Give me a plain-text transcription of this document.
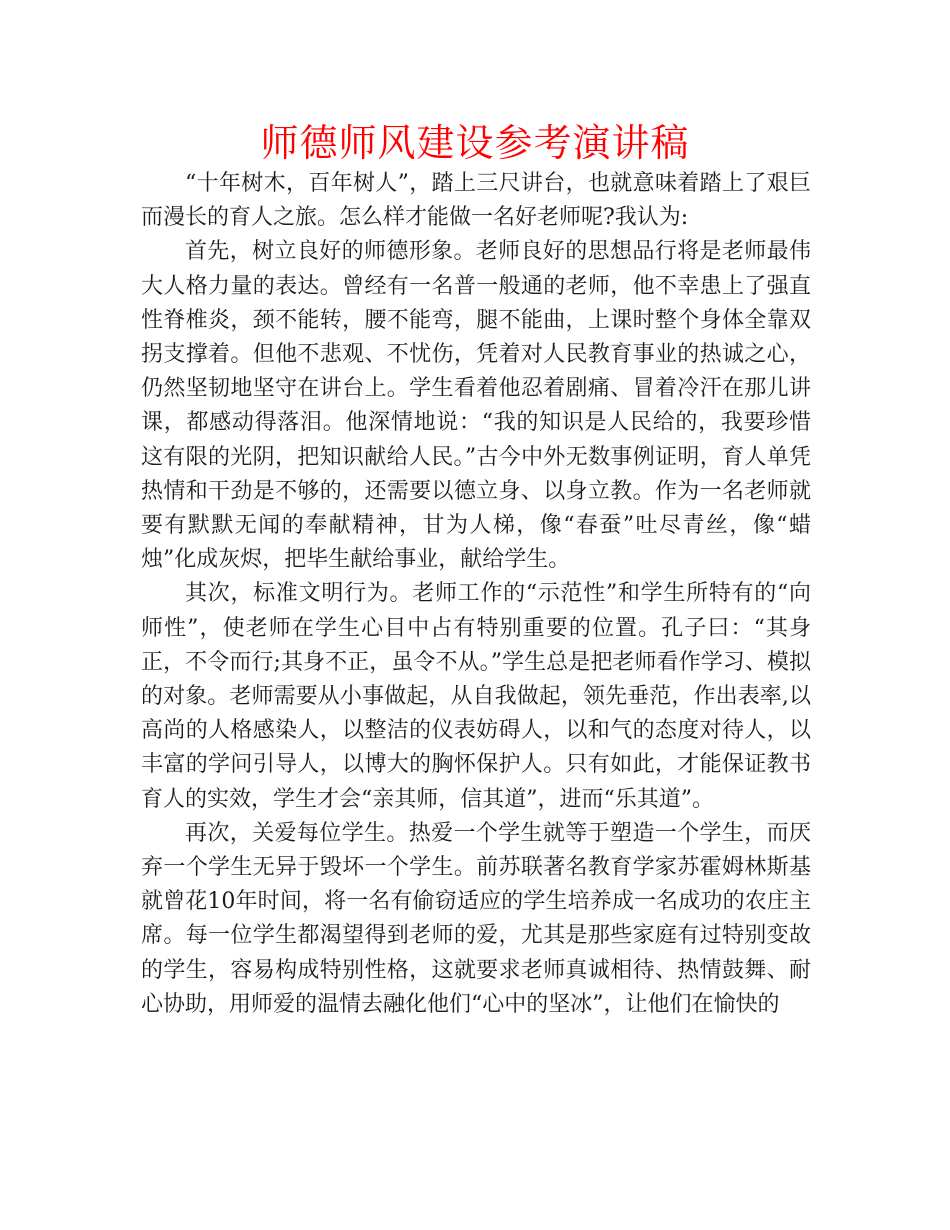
师德师风建设参考演讲稿

“十年树木，百年树人”，踏上三尺讲台，也就意味着踏上了艰巨而漫长的育人之旅。怎么样才能做一名好老师呢?我认为:

首先，树立良好的师德形象。老师良好的思想品行将是老师最伟大人格力量的表达。曾经有一名普一般通的老师，他不幸患上了强直性脊椎炎，颈不能转，腰不能弯，腿不能曲，上课时整个身体全靠双拐支撑着。但他不悲观、不忧伤，凭着对人民教育事业的热诚之心，仍然坚韧地坚守在讲台上。学生看着他忍着剧痛、冒着冷汗在那儿讲课，都感动得落泪。他深情地说：“我的知识是人民给的，我要珍惜这有限的光阴，把知识献给人民。”古今中外无数事例证明，育人单凭热情和干劲是不够的，还需要以德立身、以身立教。作为一名老师就要有默默无闻的奉献精神，甘为人梯，像“春蚕”吐尽青丝，像“蜡烛”化成灰烬，把毕生献给事业，献给学生。

其次，标准文明行为。老师工作的“示范性”和学生所特有的“向师性”，使老师在学生心目中占有特别重要的位置。孔子曰：“其身正，不令而行;其身不正，虽令不从。”学生总是把老师看作学习、模拟的对象。老师需要从小事做起，从自我做起，领先垂范，作出表率,以高尚的人格感染人，以整洁的仪表妨碍人，以和气的态度对待人，以丰富的学问引导人，以博大的胸怀保护人。只有如此，才能保证教书育人的实效，学生才会“亲其师，信其道”，进而“乐其道”。

再次，关爱每位学生。热爱一个学生就等于塑造一个学生，而厌弃一个学生无异于毁坏一个学生。前苏联著名教育学家苏霍姆林斯基就曾花10年时间，将一名有偷窃适应的学生培养成一名成功的农庄主席。每一位学生都渴望得到老师的爱，尤其是那些家庭有过特别变故的学生，容易构成特别性格，这就要求老师真诚相待、热情鼓舞、耐心协助，用师爱的温情去融化他们“心中的坚冰”，让他们在愉快的
